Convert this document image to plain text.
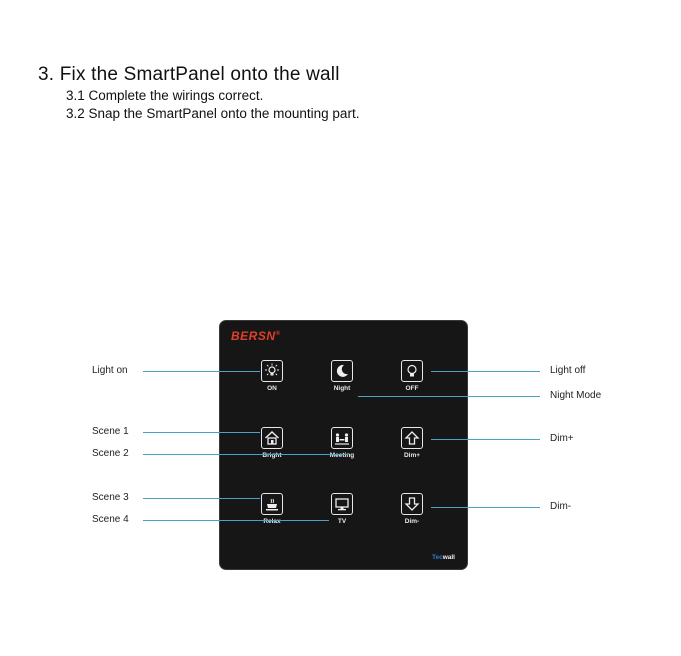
3. Fix the SmartPanel onto the wall
3.1 Complete the wirings correct.
3.2 Snap the SmartPanel onto the mounting part.
BERSN®
ON	Night	OFF
Bright	Meeting	Dim+
Relax	TV	Dim-
Tecwall
Light on
Scene 1
Scene 2
Scene 3
Scene 4
Light off
Night Mode
Dim+
Dim-
